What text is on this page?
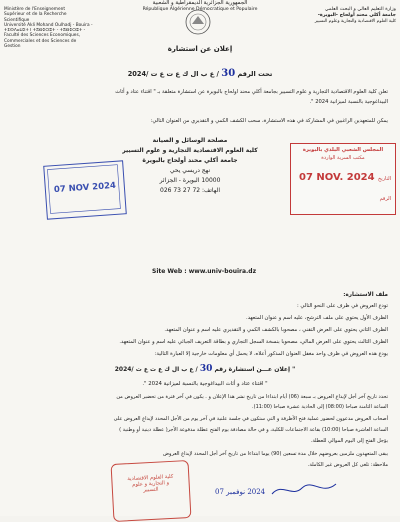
الجمهورية الجزائرية الديمقراطية و الشعبية
République Algérienne Démocratique et Populaire
Ministère de l'Enseignement Supérieur et de la Recherche Scientifique
Université Akli Mohand Oulhadj - Bouira -
ⵜⵉⵙⴷⴰⵡⵉⵜ ⵏ ⵜⵓⴱⵉⵔⴻⵜ - ⵜⵓⴱⵉⵔⴻⵜ -
Faculté des Sciences Economiques, Commerciales et des Sciences de Gestion
وزارة التعليم العالي و البحث العلمي
جامعة أكلي محند أولحاج -البويرة-
كلية العلوم الاقتصادية والتجارية وعلوم التسيير
إعلان عن استشارة
تحت الرقم 30 / ع ب ال ك ع ت ع ت /2024
تعلن كلية العلوم الاقتصادية التجارية و علوم التسيير بجامعة أكلي محند اولحاج بالبويرة عن استشارة متعلقة بـ " اقتناء عتاد و أثاث
البيداغوجية بالنسبة لميزانية 2024 ".
يمكن للمتعهدين الراغبين في المشاركة في هذه الاستشارة، سحب الكشف الكمي و التقديري من العنوان التالي:
مصلحة الوسائل و الصيانة
كلية العلوم الاقتصادية التجارية و علوم التسيير
جامعة أكلي محند أولحاج بالبويرة
نهج دريسي يحي
10000 البويرة - الجزائر
026 73 27 72 :الهاتف
Site Web : www.univ-bouira.dz
المجلس الشعبي البلدي بالبويرة
مكتب السرية الواردة
التاريخ
07 NOV. 2024
الرقم
07 NOV 2024
ملف الاستشارة:
تودع العروض في ظرف على النحو التالي :
الظرف الأول يحتوي على ملف الترشح، عليه اسم و عنوان المتعهد.
الظرف الثاني يحتوي على العرض التقني ، مصحوبا بالكشف الكمي و التقديري عليه اسم و عنوان المتعهد.
الظرف الثالث يحتوي على العرض المالي، مصحوبا بنسخة السجل التجاري و بطاقة التعريف الجبائي عليه اسم و عنوان المتعهد.
يودع هذه العروض في ظرف واحد مغفل العنوان المذكور أعلاه، لا يحمل أي معلومات خارجية إلا العبارة التالية:
" إعلان عـــن استشارة رقم 30 / ع ب ال ك ع ت ع ت /2024
" اقتناء عتاد و أثاث البيداغوجية بالنسبة لميزانية 2024 ".
تحدد تاريخ آخر أجل لإيداع العروض بـ سبعة (06) أيام ابتداءا من تاريخ نشر هذا الإعلان و . يكون في آخر فترة من تحضير العروض من
الساعة الثامنة صباحا (08:00) إلى الحادية عشرة صباحا (11:00).
أصحاب العروض مدعوون لحضور عملية فتح الأظرفة و التي ستكون في جلسة علنية في آخر يوم من الأجل المحدد لإيداع العروض على
الساعة العاشرة صباحا (10:00) بقاعة الاجتماعات للكلية، و في حالة مصادفة يوم الفتح عطلة مدفوعة الأجر( عطلة دينية أو وطنية )
يؤجل الفتح إلى اليوم الموالي للعطلة.
يبقى المتعهدون ملزمين بعروضهم خلال مدة تسعين (90) يوما ابتداءا من تاريخ آخر أجل المحدد لإيداع العروض
ملاحظة: تلغى كل العروض غير الكاملة.
كلية العلوم الاقتصادية
و التجارية و علوم
التسيير	2024 نوفمبر 07
